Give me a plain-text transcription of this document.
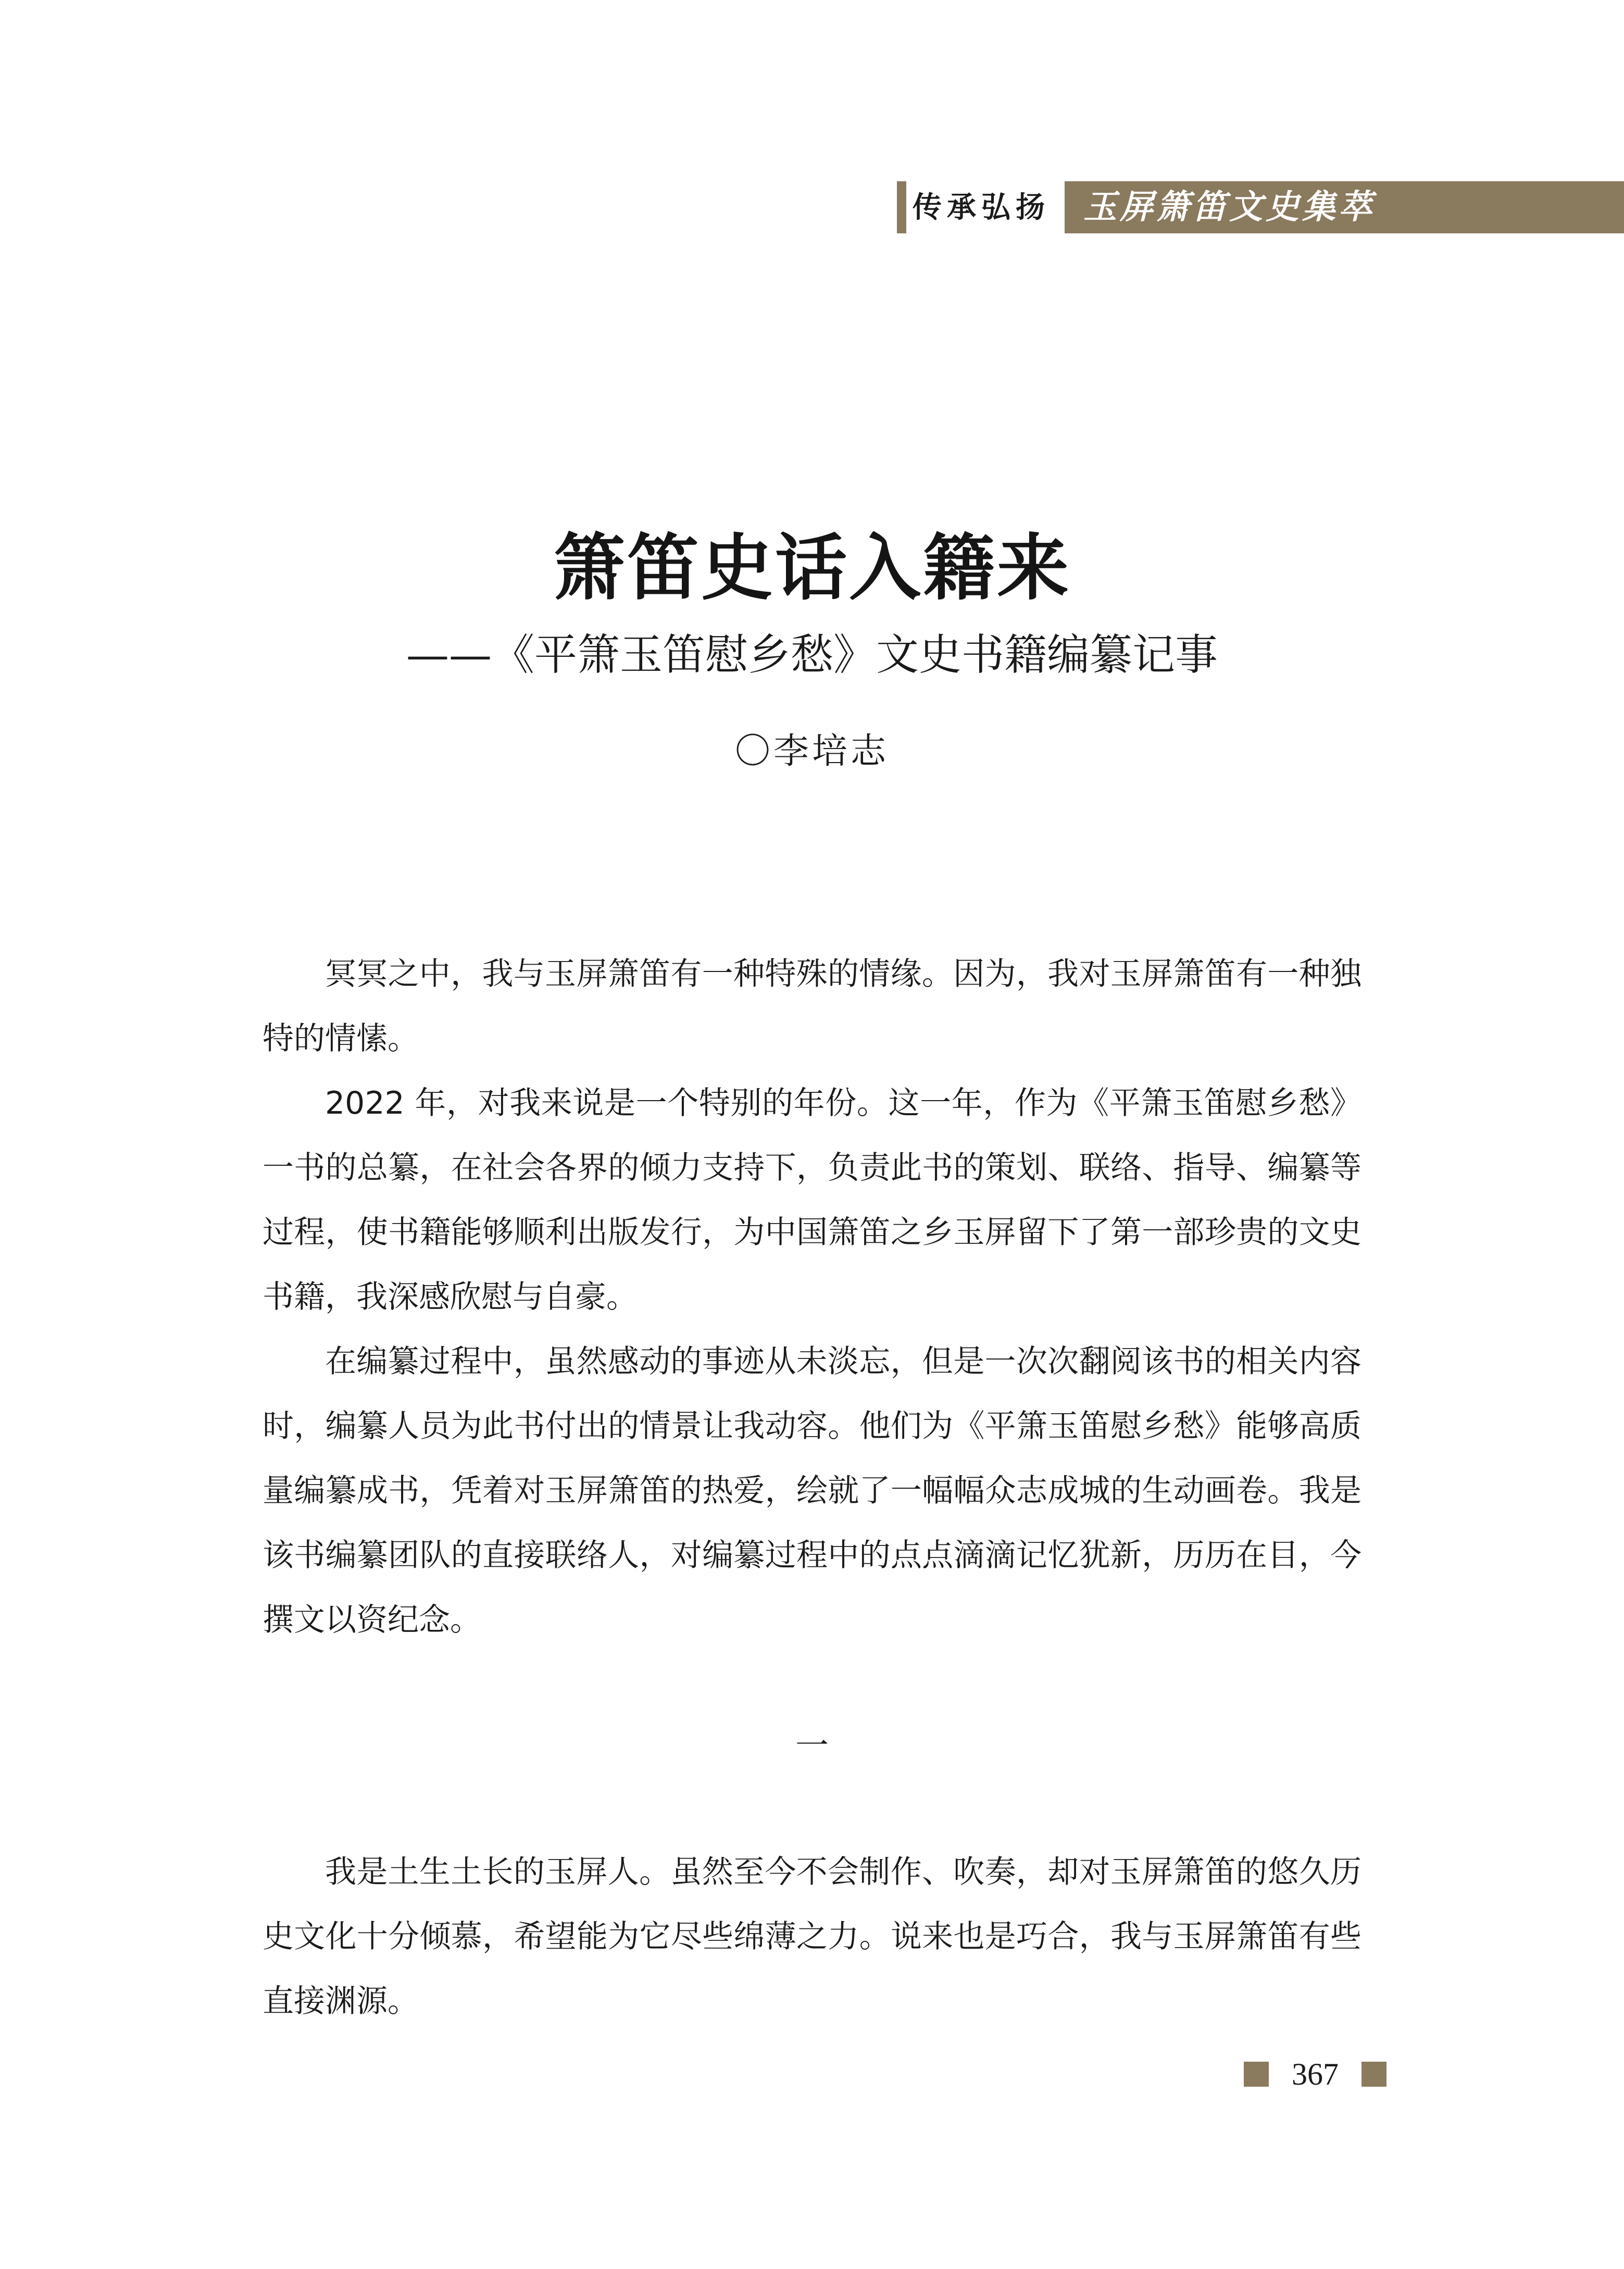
传承弘扬 玉屏箫笛文史集萃
箫笛史话入籍来
——《平箫玉笛慰乡愁》文史书籍编纂记事
〇李培志

冥冥之中，我与玉屏箫笛有一种特殊的情缘。因为，我对玉屏箫笛有一种独特的情愫。

2022 年，对我来说是一个特别的年份。这一年，作为《平箫玉笛慰乡愁》一书的总纂，在社会各界的倾力支持下，负责此书的策划、联络、指导、编纂等过程，使书籍能够顺利出版发行，为中国箫笛之乡玉屏留下了第一部珍贵的文史书籍，我深感欣慰与自豪。

在编纂过程中，虽然感动的事迹从未淡忘，但是一次次翻阅该书的相关内容时，编纂人员为此书付出的情景让我动容。他们为《平箫玉笛慰乡愁》能够高质量编纂成书，凭着对玉屏箫笛的热爱，绘就了一幅幅众志成城的生动画卷。我是该书编纂团队的直接联络人，对编纂过程中的点点滴滴记忆犹新，历历在目，今撰文以资纪念。

一

我是土生土长的玉屏人。虽然至今不会制作、吹奏，却对玉屏箫笛的悠久历史文化十分倾慕，希望能为它尽些绵薄之力。说来也是巧合，我与玉屏箫笛有些直接渊源。

367
